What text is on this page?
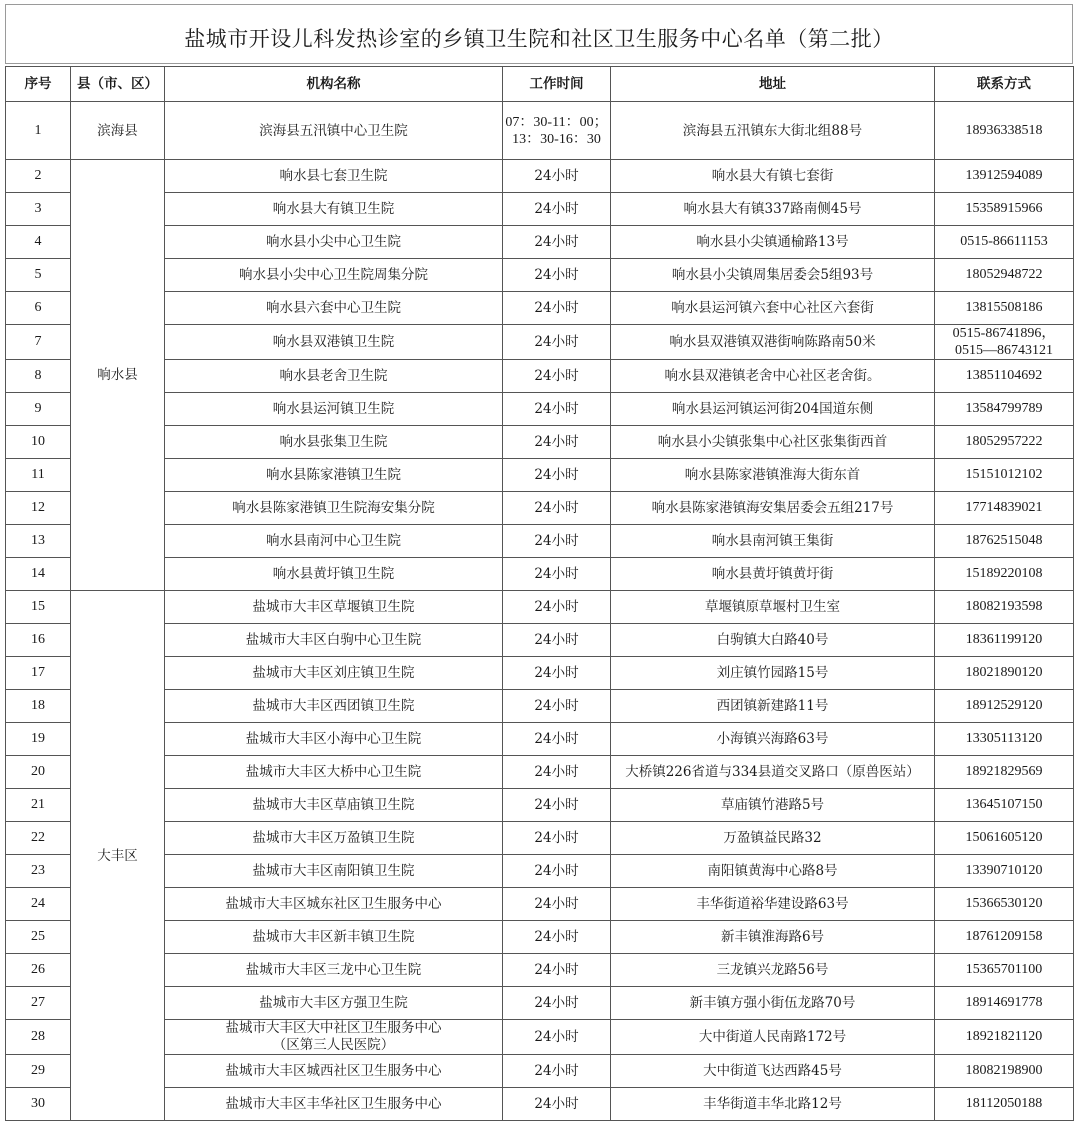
盐城市开设儿科发热诊室的乡镇卫生院和社区卫生服务中心名单（第二批）
序号	县（市、区）	机构名称	工作时间	地址	联系方式
1	滨海县	滨海县五汛镇中心卫生院	07：30-11：00；
13：30-16：30	滨海县五汛镇东大街北组88号	18936338518
2	响水县	响水县七套卫生院	24小时	响水县大有镇七套街	13912594089
3		响水县大有镇卫生院	24小时	响水县大有镇337路南侧45号	15358915966
4		响水县小尖中心卫生院	24小时	响水县小尖镇通榆路13号	0515-86611153
5		响水县小尖中心卫生院周集分院	24小时	响水县小尖镇周集居委会5组93号	18052948722
6		响水县六套中心卫生院	24小时	响水县运河镇六套中心社区六套街	13815508186
7		响水县双港镇卫生院	24小时	响水县双港镇双港街响陈路南50米	0515-86741896，
0515—86743121

8		响水县老舍卫生院	24小时	响水县双港镇老舍中心社区老舍街。	13851104692
9		响水县运河镇卫生院	24小时	响水县运河镇运河街204国道东侧	13584799789
10		响水县张集卫生院	24小时	响水县小尖镇张集中心社区张集街西首	18052957222
11		响水县陈家港镇卫生院	24小时	响水县陈家港镇淮海大街东首	15151012102
12		响水县陈家港镇卫生院海安集分院	24小时	响水县陈家港镇海安集居委会五组217号	17714839021
13		响水县南河中心卫生院	24小时	响水县南河镇王集街	18762515048
14		响水县黄圩镇卫生院	24小时	响水县黄圩镇黄圩街	15189220108
15	大丰区	盐城市大丰区草堰镇卫生院	24小时	草堰镇原草堰村卫生室	18082193598
16		盐城市大丰区白驹中心卫生院	24小时	白驹镇大白路40号	18361199120
17		盐城市大丰区刘庄镇卫生院	24小时	刘庄镇竹园路15号	18021890120
18		盐城市大丰区西团镇卫生院	24小时	西团镇新建路11号	18912529120
19		盐城市大丰区小海中心卫生院	24小时	小海镇兴海路63号	13305113120
20		盐城市大丰区大桥中心卫生院	24小时	大桥镇226省道与334县道交叉路口（原兽医站）	18921829569
21		盐城市大丰区草庙镇卫生院	24小时	草庙镇竹港路5号	13645107150
22		盐城市大丰区万盈镇卫生院	24小时	万盈镇益民路32	15061605120
23		盐城市大丰区南阳镇卫生院	24小时	南阳镇黄海中心路8号	13390710120
24		盐城市大丰区城东社区卫生服务中心	24小时	丰华街道裕华建设路63号	15366530120
25		盐城市大丰区新丰镇卫生院	24小时	新丰镇淮海路6号	18761209158
26		盐城市大丰区三龙中心卫生院	24小时	三龙镇兴龙路56号	15365701100
27		盐城市大丰区方强卫生院	24小时	新丰镇方强小街伍龙路70号	18914691778
28		盐城市大丰区大中社区卫生服务中心
（区第三人民医院）	24小时	大中街道人民南路172号	18921821120
29		盐城市大丰区城西社区卫生服务中心	24小时	大中街道飞达西路45号	18082198900
30		盐城市大丰区丰华社区卫生服务中心	24小时	丰华街道丰华北路12号	18112050188
